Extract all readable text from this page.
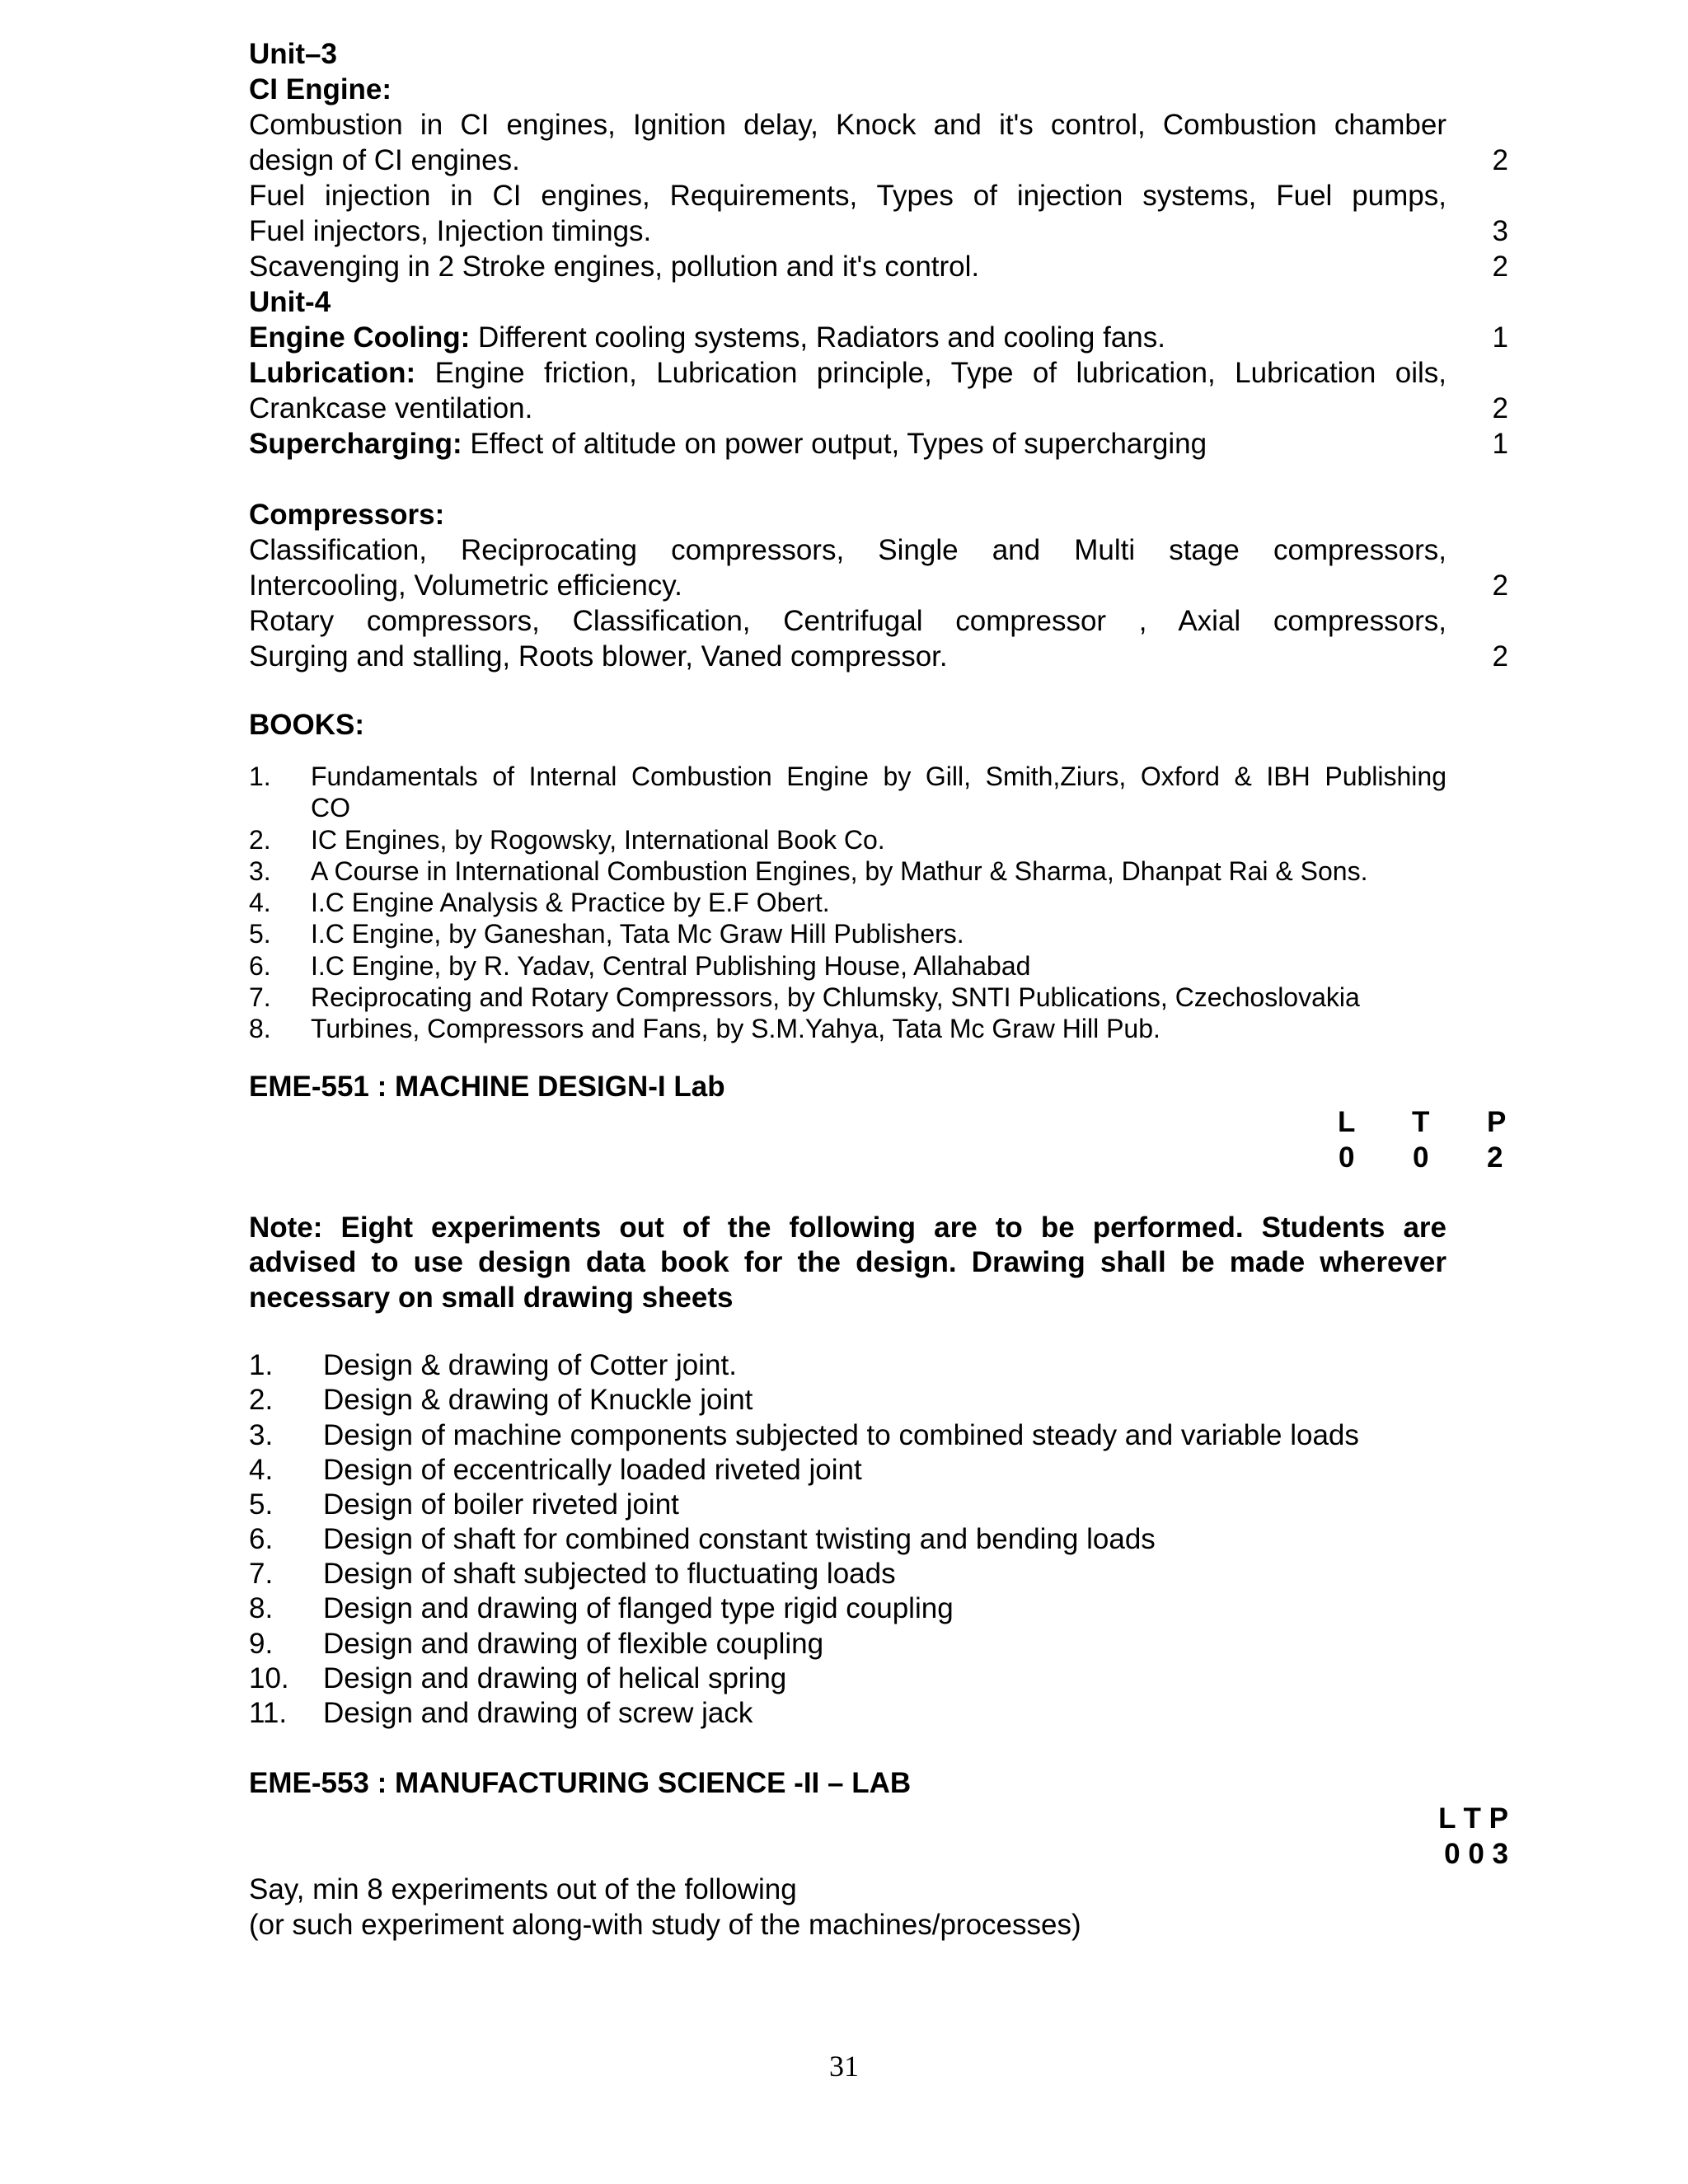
Unit–3
CI Engine:
Combustion in CI engines, Ignition delay, Knock and it's control, Combustion chamber
design of CI engines.	2
Fuel injection in CI engines, Requirements, Types of injection systems, Fuel pumps,
Fuel injectors, Injection timings.	3
Scavenging in 2 Stroke engines, pollution and it's control.	2
Unit-4
Engine Cooling: Different cooling systems, Radiators and cooling fans.	1
Lubrication: Engine friction, Lubrication principle, Type of lubrication, Lubrication oils,
Crankcase ventilation.	2
Supercharging: Effect of altitude on power output, Types of supercharging	1
Compressors:
Classification, Reciprocating compressors, Single and Multi stage compressors,
Intercooling, Volumetric efficiency.	2
Rotary compressors, Classification, Centrifugal compressor , Axial compressors,
Surging and stalling, Roots blower, Vaned compressor.	2
BOOKS:
1. Fundamentals of Internal Combustion Engine by Gill, Smith,Ziurs, Oxford & IBH Publishing
CO
2. IC Engines, by Rogowsky, International Book Co.
3. A Course in International Combustion Engines, by Mathur & Sharma, Dhanpat Rai & Sons.
4. I.C Engine Analysis & Practice by E.F Obert.
5. I.C Engine, by Ganeshan, Tata Mc Graw Hill Publishers.
6. I.C Engine, by R. Yadav, Central Publishing House, Allahabad
7. Reciprocating and Rotary Compressors, by Chlumsky, SNTI Publications, Czechoslovakia
8. Turbines, Compressors and Fans, by S.M.Yahya, Tata Mc Graw Hill Pub.
EME-551 : MACHINE DESIGN-I Lab
L T P
0 0 2
Note: Eight experiments out of the following are to be performed. Students are
advised to use design data book for the design. Drawing shall be made wherever
necessary on small drawing sheets
1. Design & drawing of Cotter joint.
2. Design & drawing of Knuckle joint
3. Design of machine components subjected to combined steady and variable loads
4. Design of eccentrically loaded riveted joint
5. Design of boiler riveted joint
6. Design of shaft for combined constant twisting and bending loads
7. Design of shaft subjected to fluctuating loads
8. Design and drawing of flanged type rigid coupling
9. Design and drawing of flexible coupling
10. Design and drawing of helical spring
11. Design and drawing of screw jack
EME-553 : MANUFACTURING SCIENCE -II – LAB
L T P
0 0 3
Say, min 8 experiments out of the following
(or such experiment along-with study of the machines/processes)
31
